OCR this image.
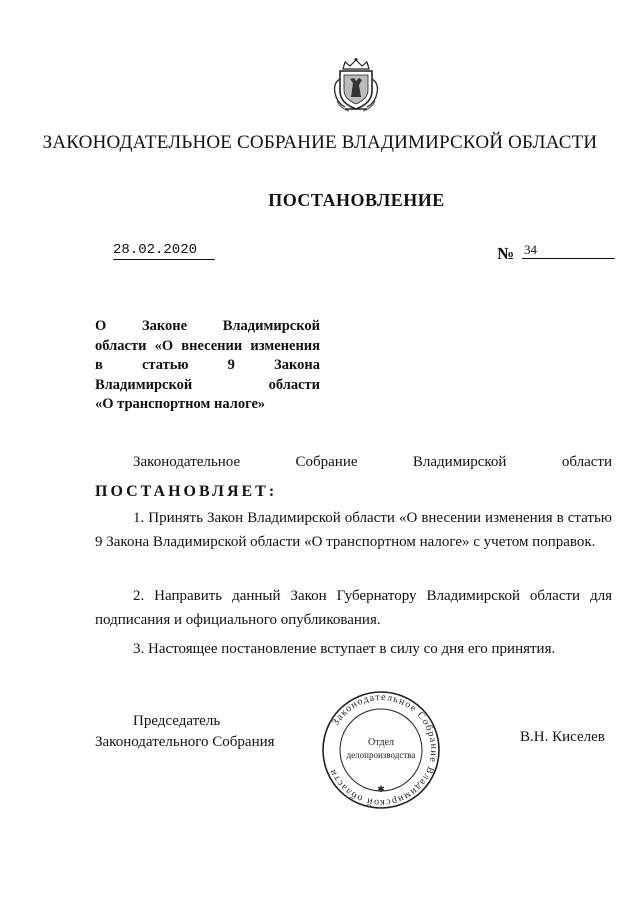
ЗАКОНОДАТЕЛЬНОЕ СОБРАНИЕ ВЛАДИМИРСКОЙ ОБЛАСТИ
ПОСТАНОВЛЕНИЕ
28.02.2020	№ 34
О Законе Владимирской
области «О внесении изменения
в	статью	9	Закона
Владимирской	области
«О транспортном налоге»
Законодательное	Собрание	Владимирской	области
ПОСТАНОВЛЯЕТ:
1. Принять Закон Владимирской области «О внесении изменения в статью 9 Закона Владимирской области «О транспортном налоге» с учетом поправок.
2. Направить данный Закон Губернатору Владимирской области для подписания и официального опубликования.
3. Настоящее постановление вступает в силу со дня его принятия.
Председатель
Законодательного Собрания
Законодательное Собрание Владимирской области
✱
Отдел
делопроизводства
В.Н. Киселев
